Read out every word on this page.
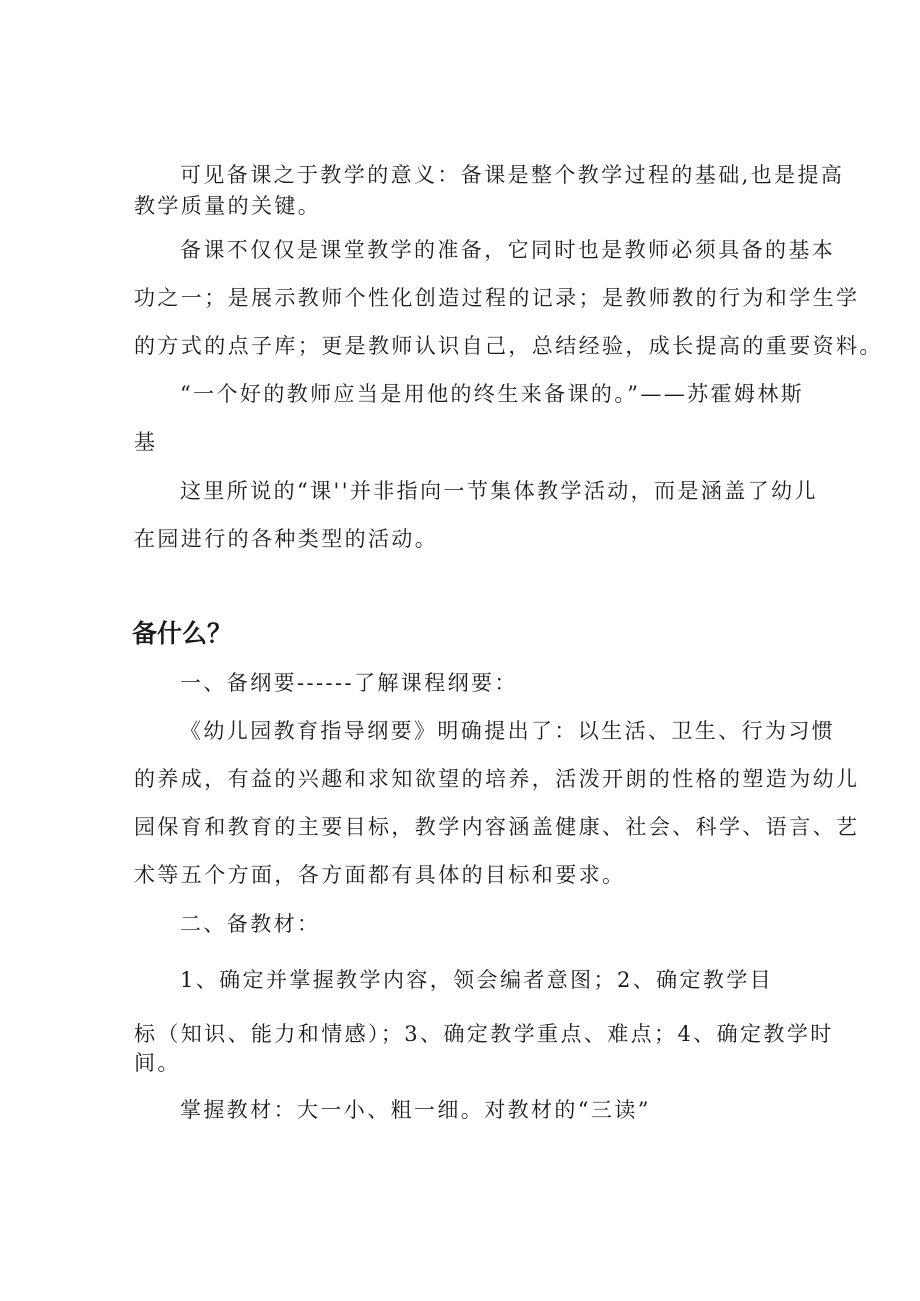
可见备课之于教学的意义：备课是整个教学过程的基础,也是提高
教学质量的关键。
备课不仅仅是课堂教学的准备，它同时也是教师必须具备的基本
功之一；是展示教师个性化创造过程的记录；是教师教的行为和学生学
的方式的点子库；更是教师认识自己，总结经验，成长提高的重要资料。
“一个好的教师应当是用他的终生来备课的。”——苏霍姆林斯
基
这里所说的“课''并非指向一节集体教学活动，而是涵盖了幼儿
在园进行的各种类型的活动。
备什么？
一、备纲要------了解课程纲要：
《幼儿园教育指导纲要》明确提出了：以生活、卫生、行为习惯
的养成，有益的兴趣和求知欲望的培养，活泼开朗的性格的塑造为幼儿
园保育和教育的主要目标，教学内容涵盖健康、社会、科学、语言、艺
术等五个方面，各方面都有具体的目标和要求。
二、备教材：
1、确定并掌握教学内容，领会编者意图；2、确定教学目
标（知识、能力和情感）；3、确定教学重点、难点；4、确定教学时
间。
掌握教材：大一小、粗一细。对教材的“三读”
